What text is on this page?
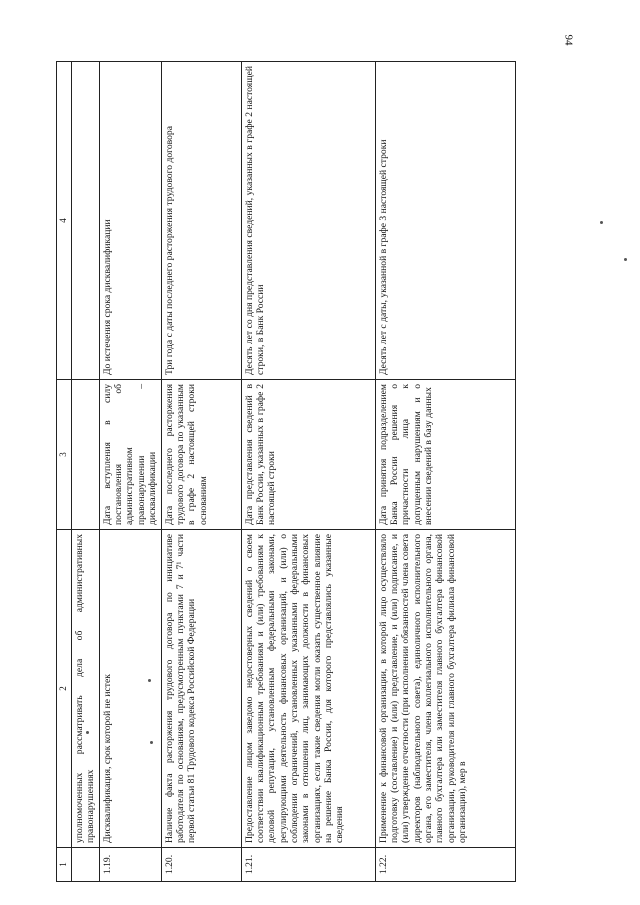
94
1	2	3	4
	уполномоченных рассматривать дела об административных правонарушениях		
1.19.	Дисквалификация, срок которой не истек	Дата вступления в силу постановления об административном правонарушении – дисквалификации	До истечения срока дисквалификации
1.20.	Наличие факта расторжения трудового договора по инициативе работодателя по основаниям, предусмотренным пунктами 7 и 7¹ части первой статьи 81 Трудового кодекса Российской Федерации	Дата последнего расторжения трудового договора по указанным в графе 2 настоящей строки основаниям	Три года с даты последнего расторжения трудового договора
1.21.	Предоставление лицом заведомо недостоверных сведений о своем соответствии квалификационным требованиям и (или) требованиям к деловой репутации, установленным федеральными законами, регулирующими деятельность финансовых организаций, и (или) о соблюдении ограничений, установленных указанными федеральными законами в отношении лиц, занимающих должности в финансовых организациях, если такие сведения могли оказать существенное влияние на решение Банка России, для которого представлялись указанные сведения	Дата представления сведений в Банк России, указанных в графе 2 настоящей строки	Десять лет со дня представления сведений, указанных в графе 2 настоящей строки, в Банк России
1.22.	Применение к финансовой организации, в которой лицо осуществляло подготовку (составление) и (или) представление, и (или) подписание, и (или) утверждение отчетности (при исполнении обязанностей члена совета директоров (наблюдательного совета), единоличного исполнительного органа, его заместителя, члена коллегиального исполнительного органа, главного бухгалтера или заместителя главного бухгалтера финансовой организации, руководителя или главного бухгалтера филиала финансовой организации), мер в	Дата принятия подразделением Банка России решения о причастности лица к допущенным нарушениям и о внесении сведений в базу данных	Десять лет с даты, указанной в графе 3 настоящей строки
